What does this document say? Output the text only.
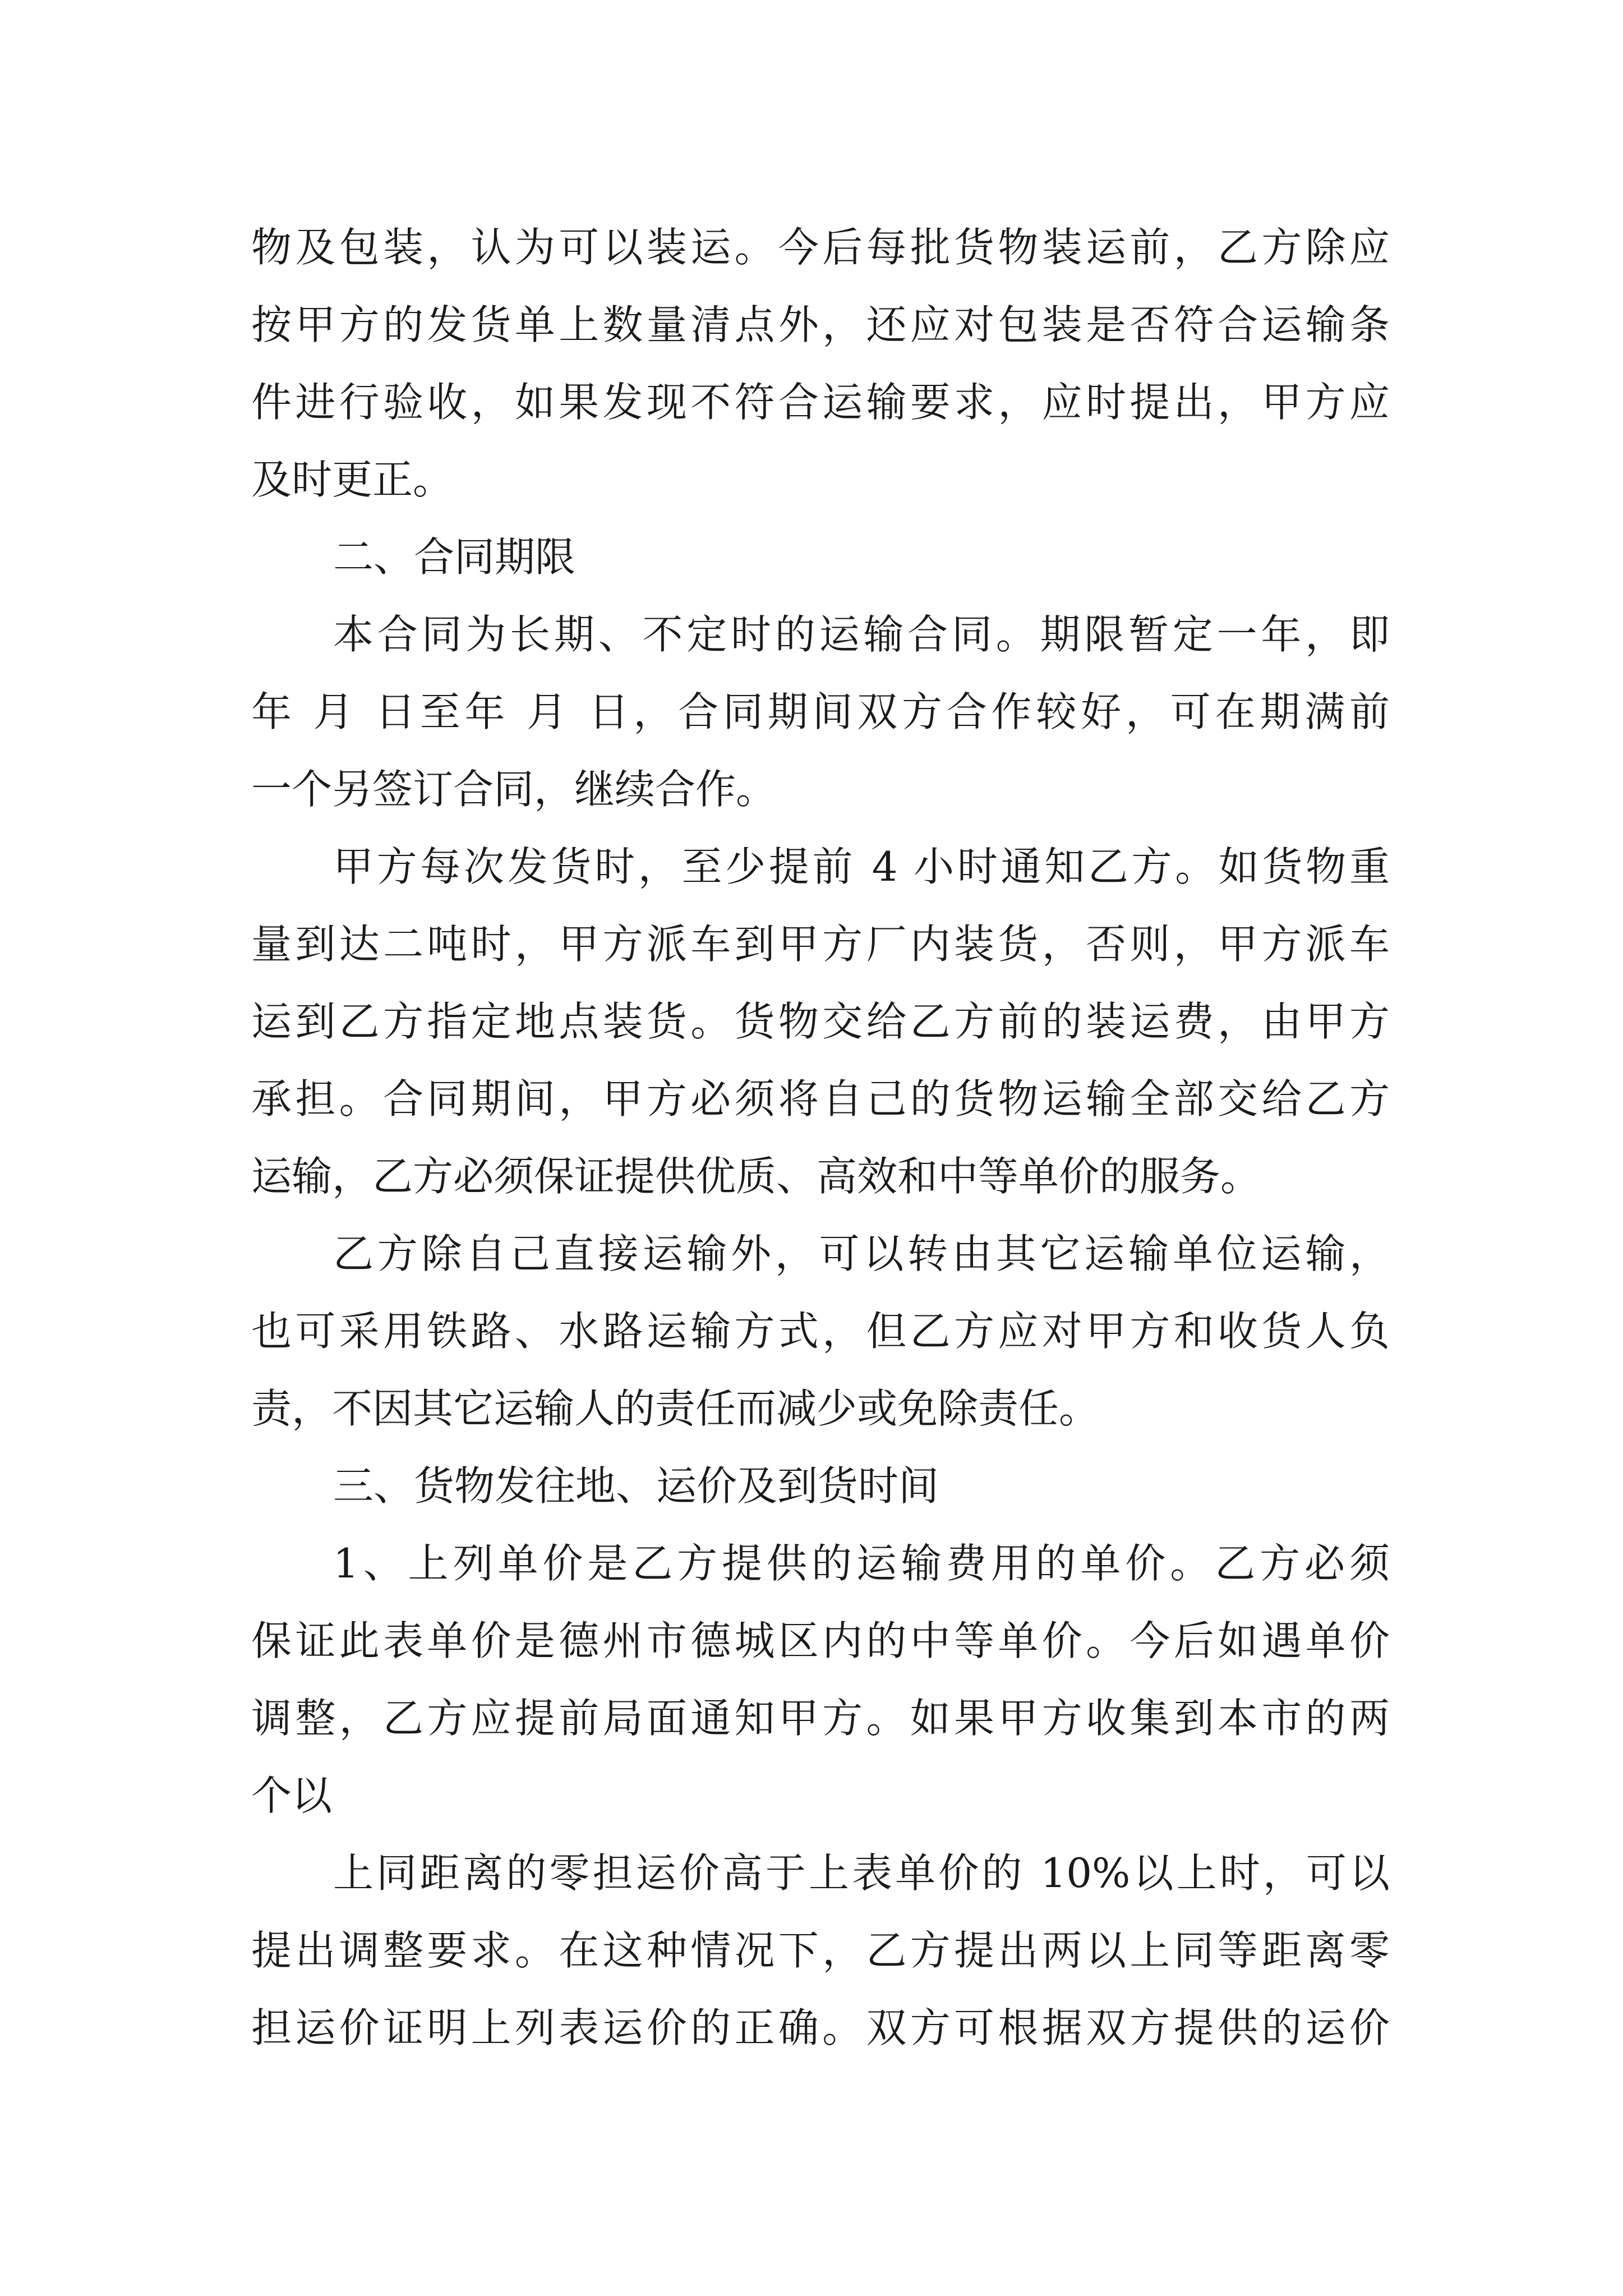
物及包装，认为可以装运。今后每批货物装运前，乙方除应
按甲方的发货单上数量清点外，还应对包装是否符合运输条
件进行验收，如果发现不符合运输要求，应时提出，甲方应
及时更正。
二、合同期限
本合同为长期、不定时的运输合同。期限暂定一年，即
年 月 日至年 月 日，合同期间双方合作较好，可在期满前
一个另签订合同，继续合作。
甲方每次发货时，至少提前 4 小时通知乙方。如货物重
量到达二吨时，甲方派车到甲方厂内装货，否则，甲方派车
运到乙方指定地点装货。货物交给乙方前的装运费，由甲方
承担。合同期间，甲方必须将自己的货物运输全部交给乙方
运输，乙方必须保证提供优质、高效和中等单价的服务。
乙方除自己直接运输外，可以转由其它运输单位运输，
也可采用铁路、水路运输方式，但乙方应对甲方和收货人负
责，不因其它运输人的责任而减少或免除责任。
三、货物发往地、运价及到货时间
1、上列单价是乙方提供的运输费用的单价。乙方必须
保证此表单价是德州市德城区内的中等单价。今后如遇单价
调整，乙方应提前局面通知甲方。如果甲方收集到本市的两
个以
上同距离的零担运价高于上表单价的 10%以上时，可以
提出调整要求。在这种情况下，乙方提出两以上同等距离零
担运价证明上列表运价的正确。双方可根据双方提供的运价
